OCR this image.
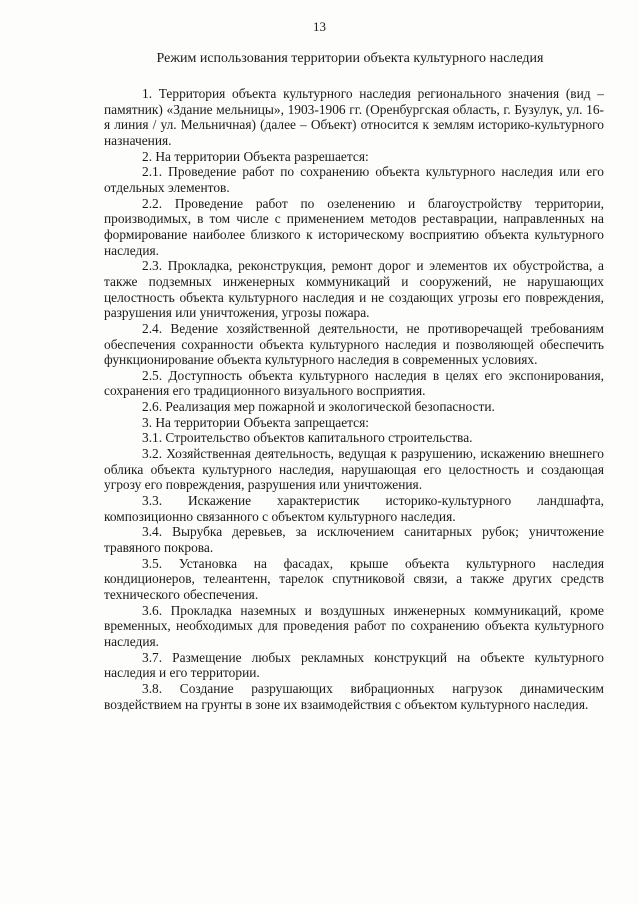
13
Режим использования территории объекта культурного наследия

1. Территория объекта культурного наследия регионального значения (вид – памятник) «Здание мельницы», 1903-1906 гг. (Оренбургская область, г. Бузулук, ул. 16-я линия / ул. Мельничная) (далее – Объект) относится к землям историко-культурного назначения.

2. На территории Объекта разрешается:

2.1. Проведение работ по сохранению объекта культурного наследия или его отдельных элементов.

2.2. Проведение работ по озеленению и благоустройству территории, производимых, в том числе с применением методов реставрации, направленных на формирование наиболее близкого к историческому восприятию объекта культурного наследия.

2.3. Прокладка, реконструкция, ремонт дорог и элементов их обустройства, а также подземных инженерных коммуникаций и сооружений, не нарушающих целостность объекта культурного наследия и не создающих угрозы его повреждения, разрушения или уничтожения, угрозы пожара.

2.4. Ведение хозяйственной деятельности, не противоречащей требованиям обеспечения сохранности объекта культурного наследия и позволяющей обеспечить функционирование объекта культурного наследия в современных условиях.

2.5. Доступность объекта культурного наследия в целях его экспонирования, сохранения его традиционного визуального восприятия.

2.6. Реализация мер пожарной и экологической безопасности.

3. На территории Объекта запрещается:

3.1. Строительство объектов капитального строительства.

3.2. Хозяйственная деятельность, ведущая к разрушению, искажению внешнего облика объекта культурного наследия, нарушающая его целостность и создающая угрозу его повреждения, разрушения или уничтожения.

3.3. Искажение характеристик историко-культурного ландшафта, композиционно связанного с объектом культурного наследия.

3.4. Вырубка деревьев, за исключением санитарных рубок; уничтожение травяного покрова.

3.5. Установка на фасадах, крыше объекта культурного наследия кондиционеров, телеантенн, тарелок спутниковой связи, а также других средств технического обеспечения.

3.6. Прокладка наземных и воздушных инженерных коммуникаций, кроме временных, необходимых для проведения работ по сохранению объекта культурного наследия.

3.7. Размещение любых рекламных конструкций на объекте культурного наследия и его территории.

3.8. Создание разрушающих вибрационных нагрузок динамическим воздействием на грунты в зоне их взаимодействия с объектом культурного наследия.
